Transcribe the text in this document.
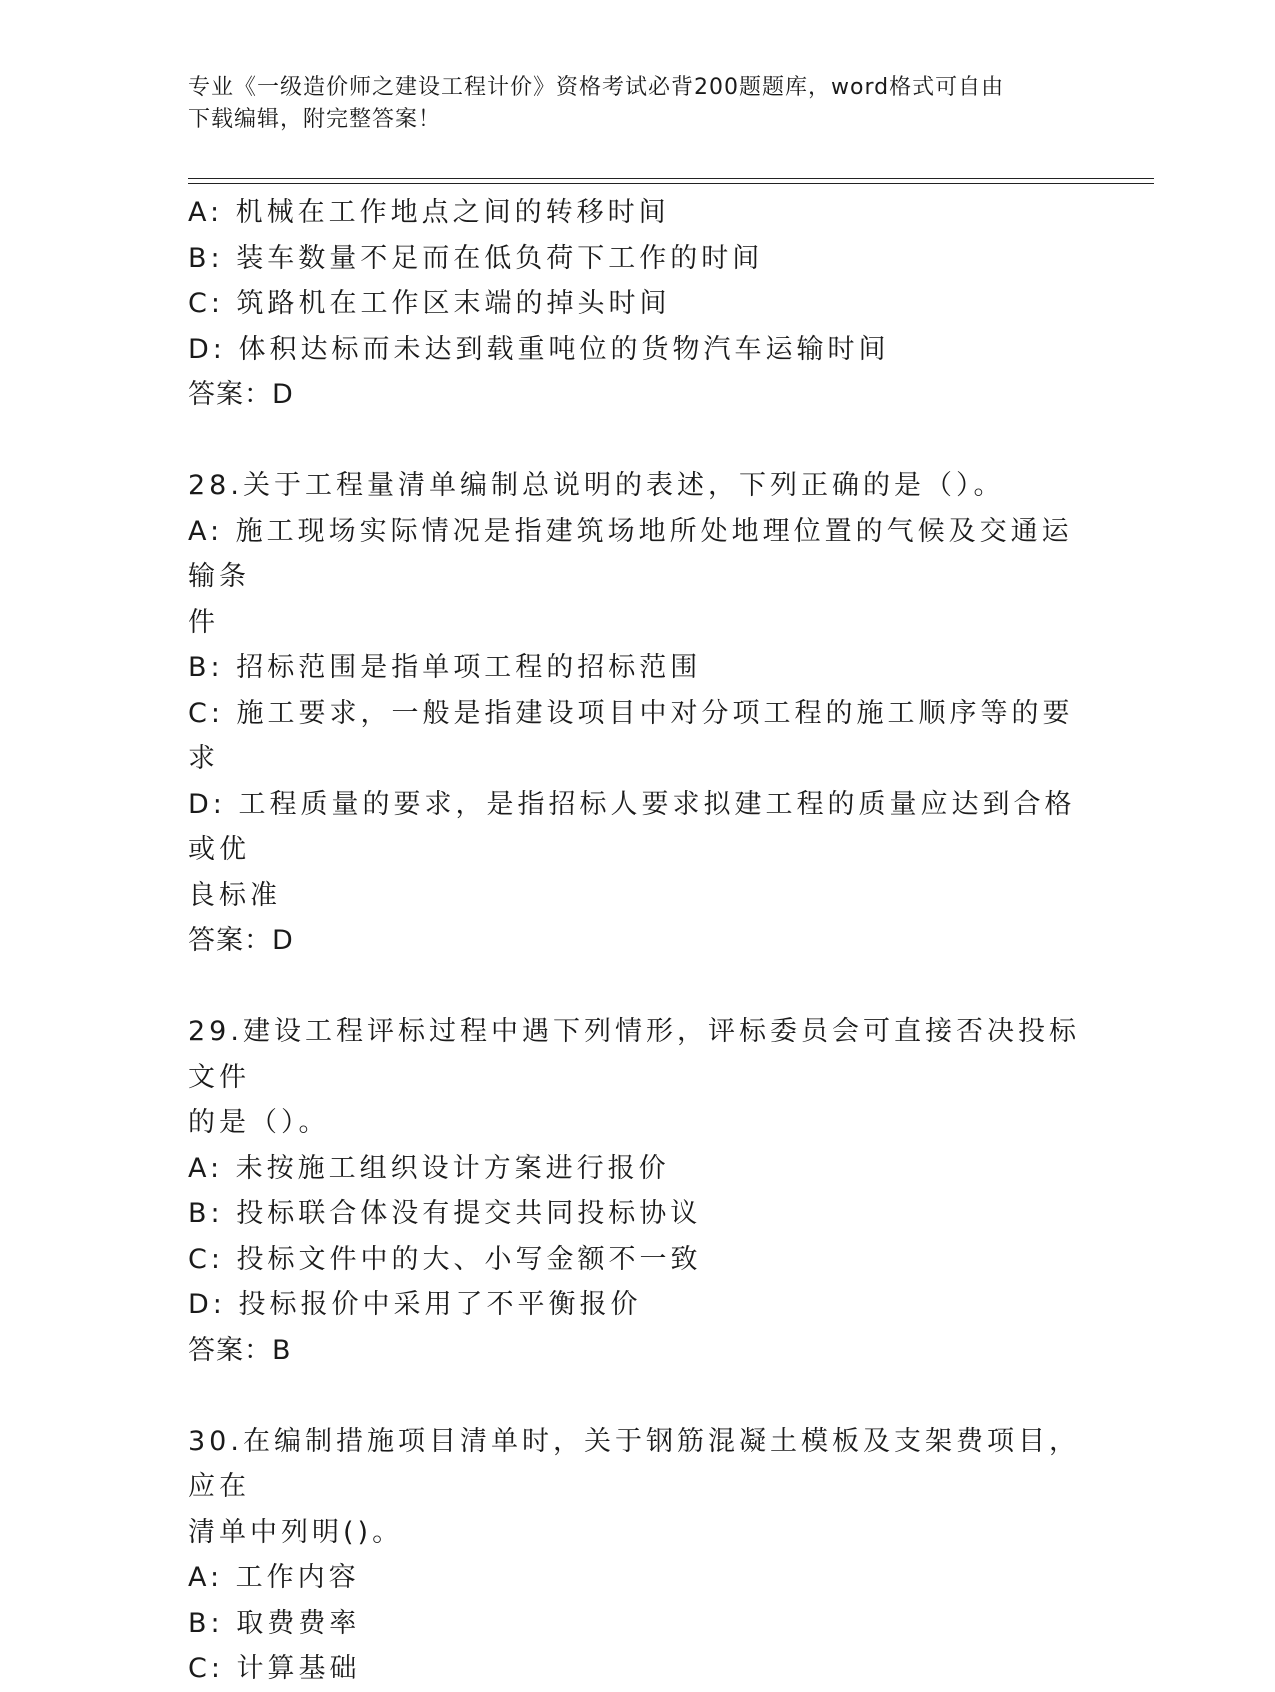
专业《一级造价师之建设工程计价》资格考试必背200题题库，word格式可自由
下载编辑，附完整答案！
A: 机械在工作地点之间的转移时间
B: 装车数量不足而在低负荷下工作的时间
C: 筑路机在工作区末端的掉头时间
D: 体积达标而未达到载重吨位的货物汽车运输时间
答案：D
28.关于工程量清单编制总说明的表述，下列正确的是（）。
A: 施工现场实际情况是指建筑场地所处地理位置的气候及交通运输条
件
B: 招标范围是指单项工程的招标范围
C: 施工要求，一般是指建设项目中对分项工程的施工顺序等的要求
D: 工程质量的要求，是指招标人要求拟建工程的质量应达到合格或优
良标准
答案：D
29.建设工程评标过程中遇下列情形，评标委员会可直接否决投标文件
的是（）。
A: 未按施工组织设计方案进行报价
B: 投标联合体没有提交共同投标协议
C: 投标文件中的大、小写金额不一致
D: 投标报价中采用了不平衡报价
答案：B
30.在编制措施项目清单时，关于钢筋混凝土模板及支架费项目，应在
清单中列明()。
A: 工作内容
B: 取费费率
C: 计算基础
